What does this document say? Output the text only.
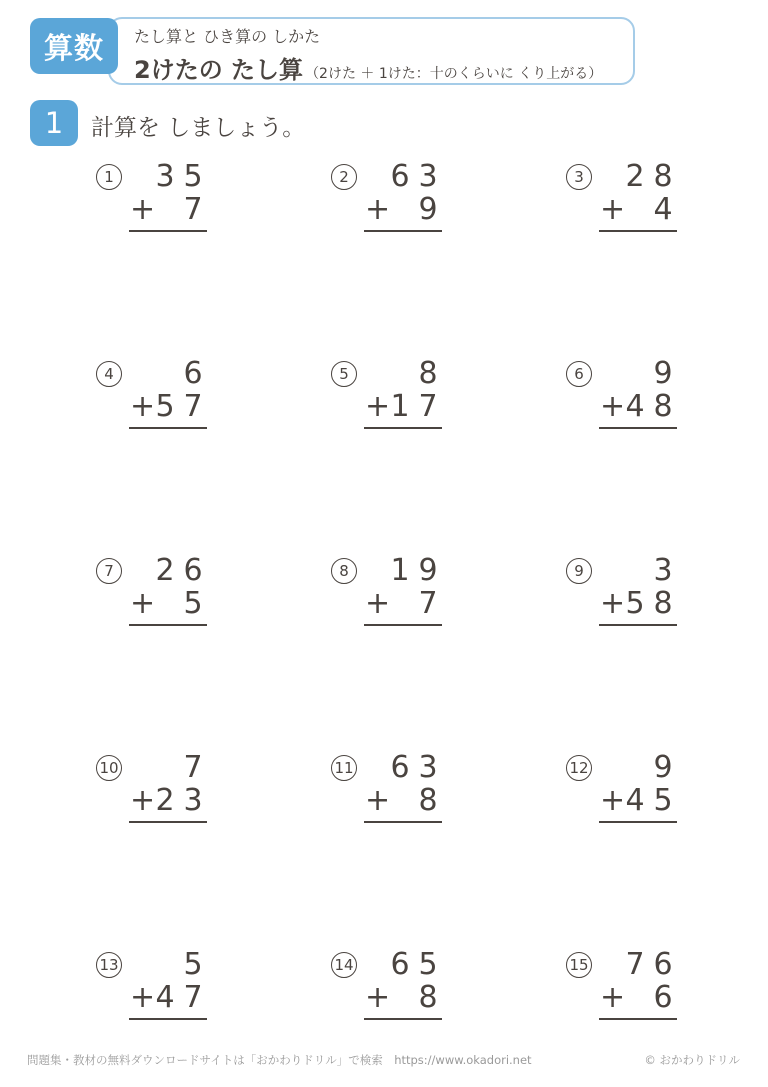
たし算と ひき算の しかた
2けたの たし算 （2けた ＋ 1けた：十のくらいに くり上がる）
算数
1	計算を しましょう。
1 3 5
+ 7
2 6 3
+ 9
3 2 8
+ 4
4 6
+ 5 7
5 8
+ 1 7
6 9
+ 4 8
7 2 6
+ 5
8 1 9
+ 7
9 3
+ 5 8
10 7
+ 2 3
11 6 3
+ 8
12 9
+ 4 5
13 5
+ 4 7
14 6 5
+ 8
15 7 6
+ 6
問題集・教材の無料ダウンロードサイトは「おかわりドリル」で検索　https://www.okadori.net	© おかわりドリル
